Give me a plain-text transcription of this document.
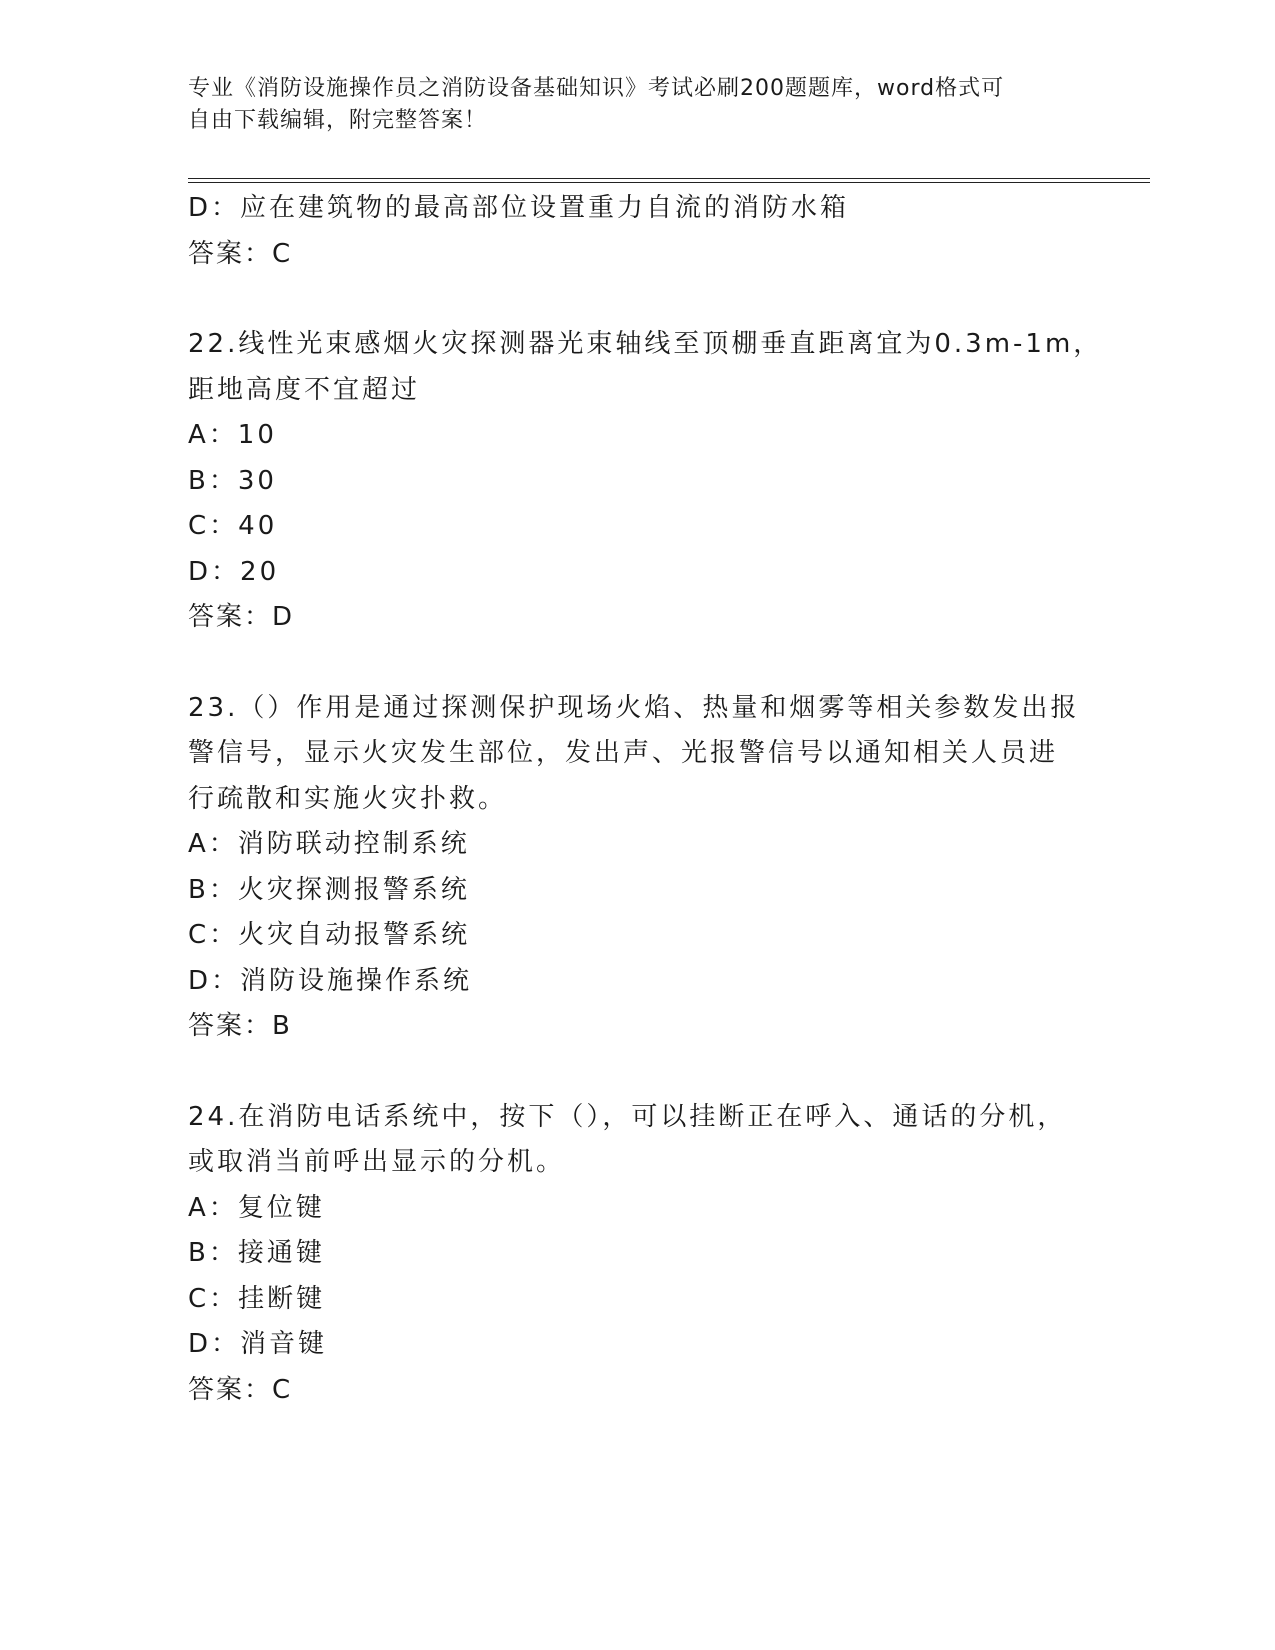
专业《消防设施操作员之消防设备基础知识》考试必刷200题题库，word格式可
自由下载编辑，附完整答案！
D：应在建筑物的最高部位设置重力自流的消防水箱
答案：C
22.线性光束感烟火灾探测器光束轴线至顶棚垂直距离宜为0.3m-1m，
距地高度不宜超过
A：10
B：30
C：40
D：20
答案：D
23.（）作用是通过探测保护现场火焰、热量和烟雾等相关参数发出报
警信号，显示火灾发生部位，发出声、光报警信号以通知相关人员进
行疏散和实施火灾扑救。
A：消防联动控制系统
B：火灾探测报警系统
C：火灾自动报警系统
D：消防设施操作系统
答案：B
24.在消防电话系统中，按下（），可以挂断正在呼入、通话的分机，
或取消当前呼出显示的分机。
A：复位键
B：接通键
C：挂断键
D：消音键
答案：C
